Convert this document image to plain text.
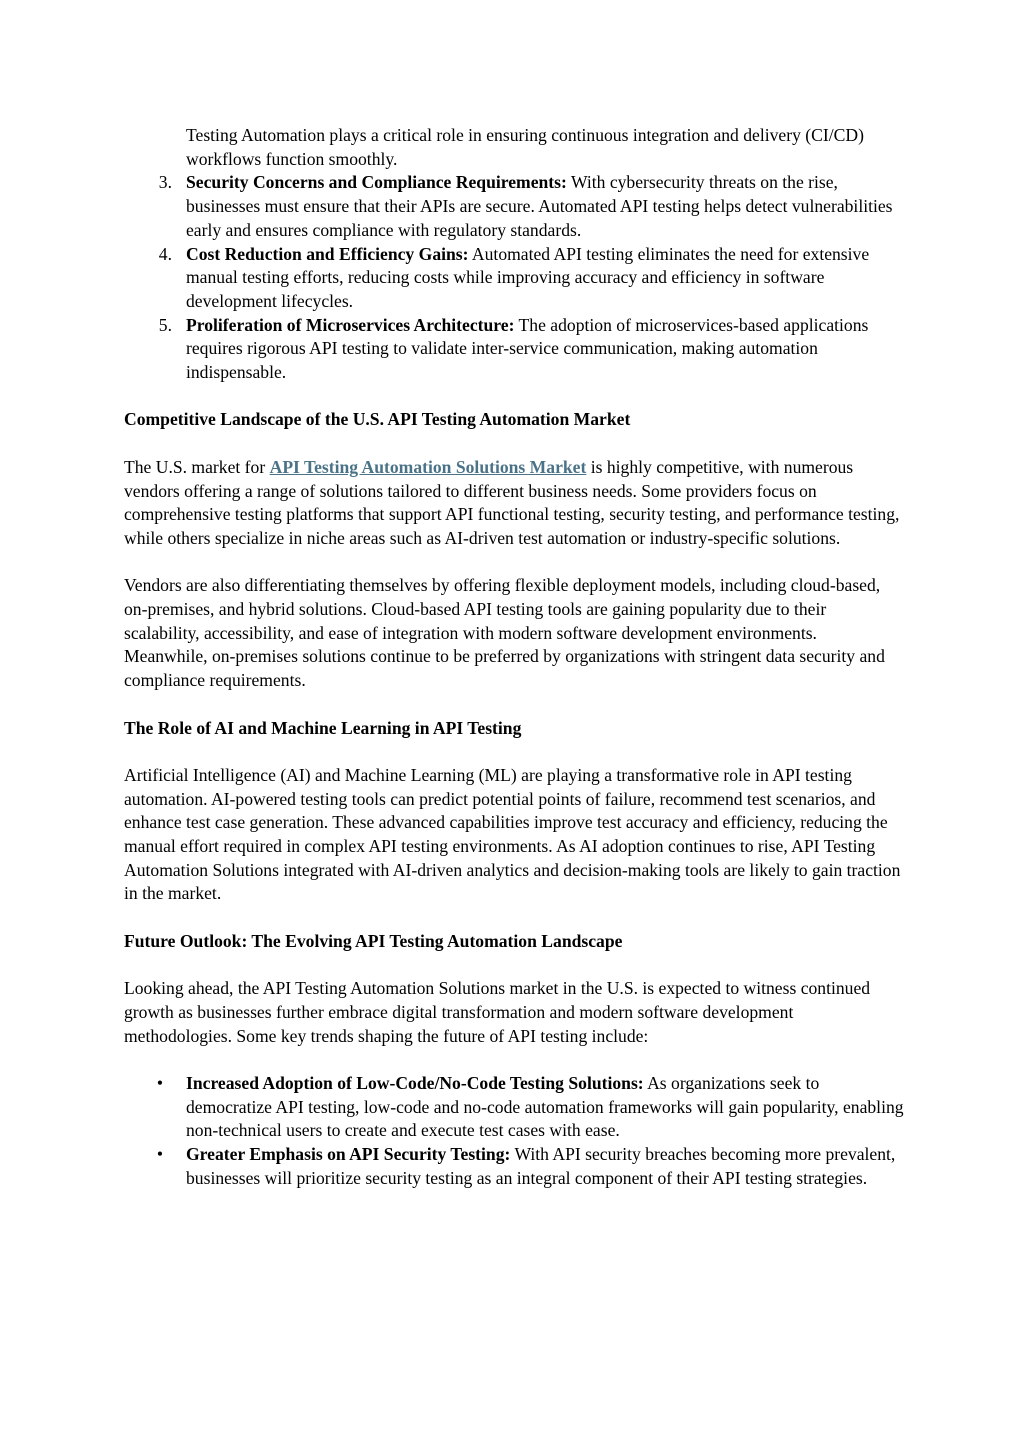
Testing Automation plays a critical role in ensuring continuous integration and delivery (CI/CD) workflows function smoothly.
3. Security Concerns and Compliance Requirements: With cybersecurity threats on the rise, businesses must ensure that their APIs are secure. Automated API testing helps detect vulnerabilities early and ensures compliance with regulatory standards.
4. Cost Reduction and Efficiency Gains: Automated API testing eliminates the need for extensive manual testing efforts, reducing costs while improving accuracy and efficiency in software development lifecycles.
5. Proliferation of Microservices Architecture: The adoption of microservices-based applications requires rigorous API testing to validate inter-service communication, making automation indispensable.
Competitive Landscape of the U.S. API Testing Automation Market

The U.S. market for API Testing Automation Solutions Market is highly competitive, with numerous vendors offering a range of solutions tailored to different business needs. Some providers focus on comprehensive testing platforms that support API functional testing, security testing, and performance testing, while others specialize in niche areas such as AI-driven test automation or industry-specific solutions.

Vendors are also differentiating themselves by offering flexible deployment models, including cloud-based, on-premises, and hybrid solutions. Cloud-based API testing tools are gaining popularity due to their scalability, accessibility, and ease of integration with modern software development environments. Meanwhile, on-premises solutions continue to be preferred by organizations with stringent data security and compliance requirements.

The Role of AI and Machine Learning in API Testing

Artificial Intelligence (AI) and Machine Learning (ML) are playing a transformative role in API testing automation. AI-powered testing tools can predict potential points of failure, recommend test scenarios, and enhance test case generation. These advanced capabilities improve test accuracy and efficiency, reducing the manual effort required in complex API testing environments. As AI adoption continues to rise, API Testing Automation Solutions integrated with AI-driven analytics and decision-making tools are likely to gain traction in the market.

Future Outlook: The Evolving API Testing Automation Landscape

Looking ahead, the API Testing Automation Solutions market in the U.S. is expected to witness continued growth as businesses further embrace digital transformation and modern software development methodologies. Some key trends shaping the future of API testing include:

• Increased Adoption of Low-Code/No-Code Testing Solutions: As organizations seek to democratize API testing, low-code and no-code automation frameworks will gain popularity, enabling non-technical users to create and execute test cases with ease.
• Greater Emphasis on API Security Testing: With API security breaches becoming more prevalent, businesses will prioritize security testing as an integral component of their API testing strategies.
